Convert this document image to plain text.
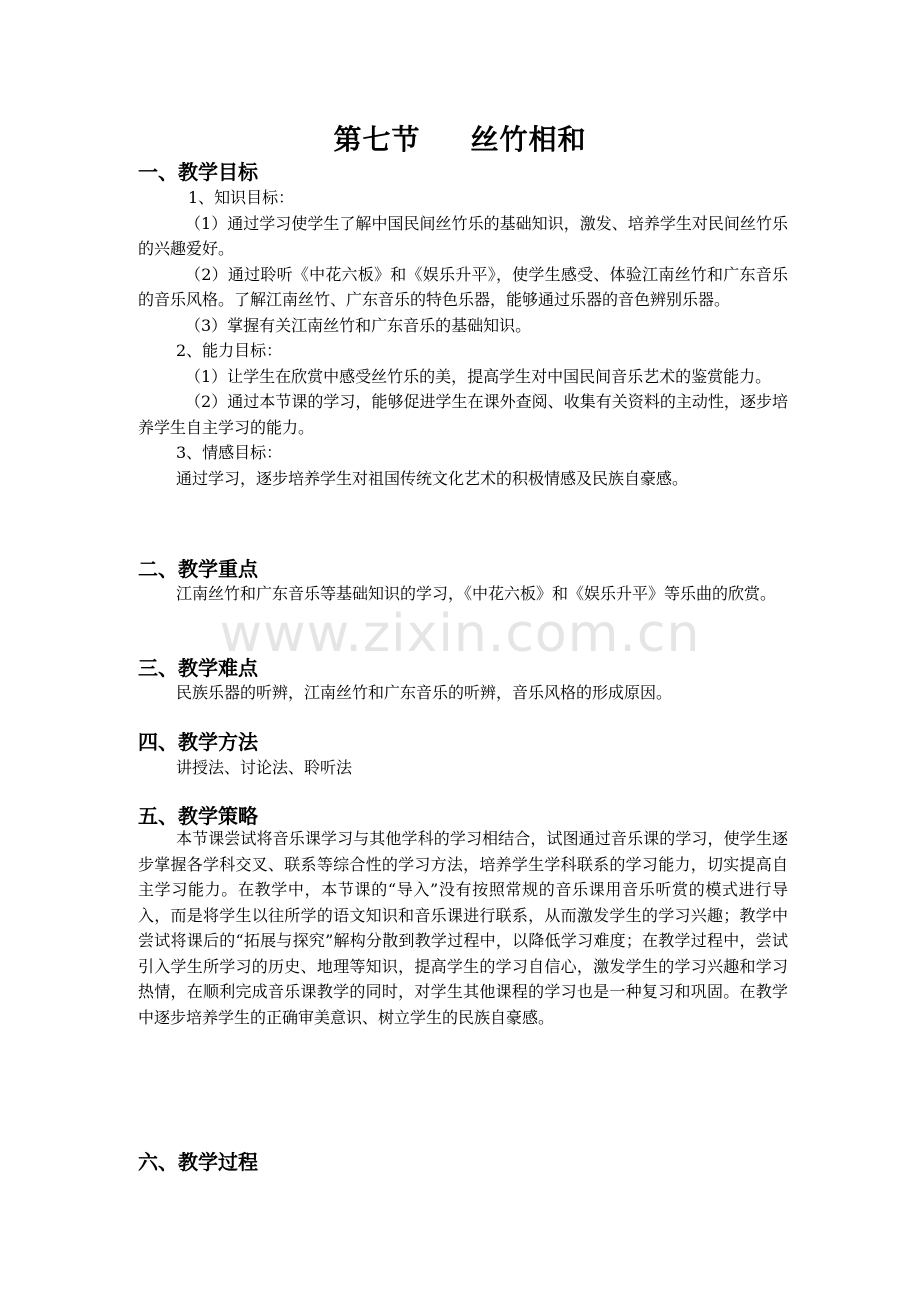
第七节 丝竹相和
一、教学目标

1、知识目标：

（1）通过学习使学生了解中国民间丝竹乐的基础知识，激发、培养学生对民间丝竹乐的兴趣爱好。

（2）通过聆听《中花六板》和《娱乐升平》，使学生感受、体验江南丝竹和广东音乐的音乐风格。了解江南丝竹、广东音乐的特色乐器，能够通过乐器的音色辨别乐器。

（3）掌握有关江南丝竹和广东音乐的基础知识。

2、能力目标：

（1）让学生在欣赏中感受丝竹乐的美，提高学生对中国民间音乐艺术的鉴赏能力。

（2）通过本节课的学习，能够促进学生在课外查阅、收集有关资料的主动性，逐步培养学生自主学习的能力。

3、情感目标：

通过学习，逐步培养学生对祖国传统文化艺术的积极情感及民族自豪感。

二、教学重点

江南丝竹和广东音乐等基础知识的学习，《中花六板》和《娱乐升平》等乐曲的欣赏。

三、教学难点

民族乐器的听辨，江南丝竹和广东音乐的听辨，音乐风格的形成原因。

四、教学方法

讲授法、讨论法、聆听法

五、教学策略

本节课尝试将音乐课学习与其他学科的学习相结合，试图通过音乐课的学习，使学生逐步掌握各学科交叉、联系等综合性的学习方法，培养学生学科联系的学习能力，切实提高自主学习能力。在教学中，本节课的“导入”没有按照常规的音乐课用音乐听赏的模式进行导入，而是将学生以往所学的语文知识和音乐课进行联系，从而激发学生的学习兴趣；教学中尝试将课后的“拓展与探究”解构分散到教学过程中，以降低学习难度；在教学过程中，尝试引入学生所学习的历史、地理等知识，提高学生的学习自信心，激发学生的学习兴趣和学习热情，在顺利完成音乐课教学的同时，对学生其他课程的学习也是一种复习和巩固。在教学中逐步培养学生的正确审美意识、树立学生的民族自豪感。

六、教学过程
www.zixin.com.cn
